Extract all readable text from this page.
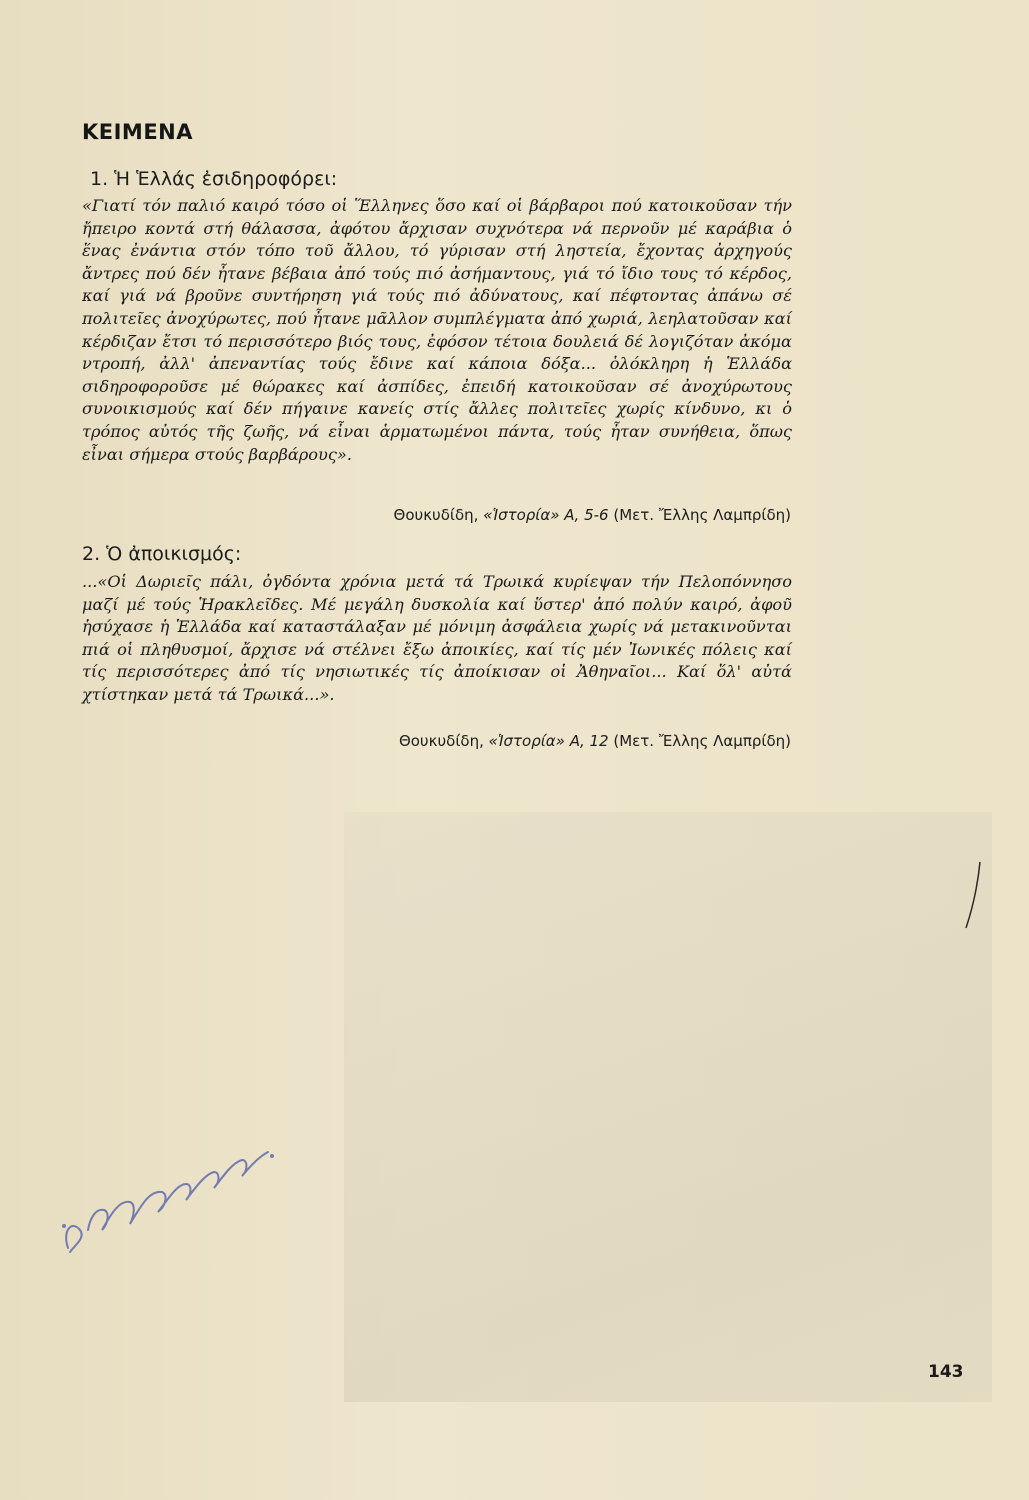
ΚΕΙΜΕΝΑ
1. Ἡ Ἑλλάς ἐσιδηροφόρει:
«Γιατί τόν παλιό καιρό τόσο οἱ Ἕλληνες ὅσο καί οἱ βάρβαροι πού κατοικοῦσαν τήν ἤπειρο κοντά στή θάλασσα, ἀφότου ἄρχισαν συχνότερα νά περνοῦν μέ καράβια ὁ ἕνας ἐνάντια στόν τόπο τοῦ ἄλλου, τό γύρισαν στή ληστεία, ἔχοντας ἀρχηγούς ἄντρες πού δέν ἦτανε βέβαια ἀπό τούς πιό ἀσήμαντους, γιά τό ἴδιο τους τό κέρδος, καί γιά νά βροῦνε συντήρηση γιά τούς πιό ἀδύνατους, καί πέφτοντας ἀπάνω σέ πολιτεῖες ἀνοχύρωτες, πού ἦτανε μᾶλλον συμπλέγματα ἀπό χωριά, λεηλατοῦσαν καί κέρδιζαν ἔτσι τό περισσότερο βιός τους, ἐφόσον τέτοια δουλειά δέ λογιζόταν ἀκόμα ντροπή, ἀλλ' ἀπεναντίας τούς ἔδινε καί κάποια δόξα... ὁλόκληρη ἡ Ἑλλάδα σιδηροφοροῦσε μέ θώρακες καί ἀσπίδες, ἐπειδή κατοικοῦσαν σέ ἀνοχύρωτους συνοικισμούς καί δέν πήγαινε κανείς στίς ἄλλες πολιτεῖες χωρίς κίνδυνο, κι ὁ τρόπος αὐτός τῆς ζωῆς, νά εἶναι ἁρματωμένοι πάντα, τούς ἦταν συνήθεια, ὅπως εἶναι σήμερα στούς βαρβάρους».
Θουκυδίδη, «Ἱστορία» Α, 5-6 (Μετ. Ἔλλης Λαμπρίδη)
2. Ὁ ἀποικισμός:
...«Οἱ Δωριεῖς πάλι, ὀγδόντα χρόνια μετά τά Τρωικά κυρίεψαν τήν Πελοπόννησο μαζί μέ τούς Ἡρακλεῖδες. Μέ μεγάλη δυσκολία καί ὕστερ' ἀπό πολύν καιρό, ἀφοῦ ἡσύχασε ἡ Ἑλλάδα καί καταστάλαξαν μέ μόνιμη ἀσφάλεια χωρίς νά μετακινοῦνται πιά οἱ πληθυσμοί, ἄρχισε νά στέλνει ἔξω ἀποικίες, καί τίς μέν Ἰωνικές πόλεις καί τίς περισσότερες ἀπό τίς νησιωτικές τίς ἀποίκισαν οἱ Ἀθηναῖοι... Καί ὅλ' αὐτά χτίστηκαν μετά τά Τρωικά...».
Θουκυδίδη, «Ἱστορία» Α, 12 (Μετ. Ἔλλης Λαμπρίδη)
143
